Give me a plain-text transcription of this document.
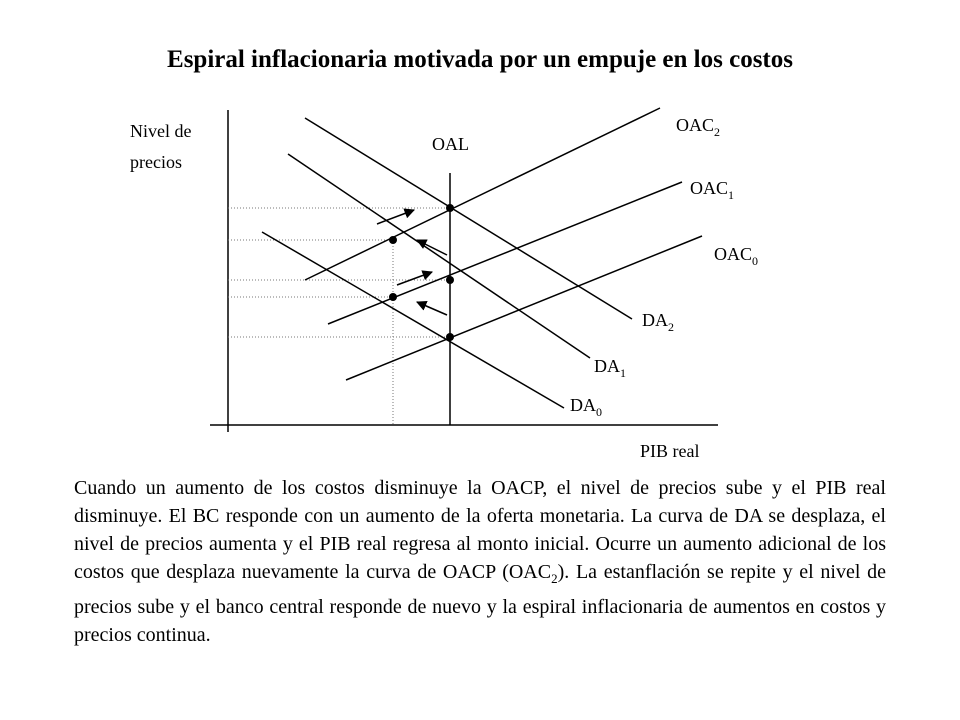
Espiral inflacionaria motivada por un empuje en los costos
Nivel de
precios
PIB real
OAL
$OAC_2$
$OAC_1$
$OAC_0$
$DA_2$
$DA_1$
$DA_0$
Cuando un aumento de los costos disminuye la OACP, el nivel de precios sube y el PIB real disminuye. El BC responde con un aumento de la oferta monetaria. La curva de DA se desplaza, el nivel de precios aumenta y el PIB real regresa al monto inicial. Ocurre un aumento adicional de los costos que desplaza nuevamente la curva de OACP $(OAC_2)$. La estanflación se repite y el nivel de precios sube y el banco central responde de nuevo y la espiral inflacionaria de aumentos en costos y precios continua.
